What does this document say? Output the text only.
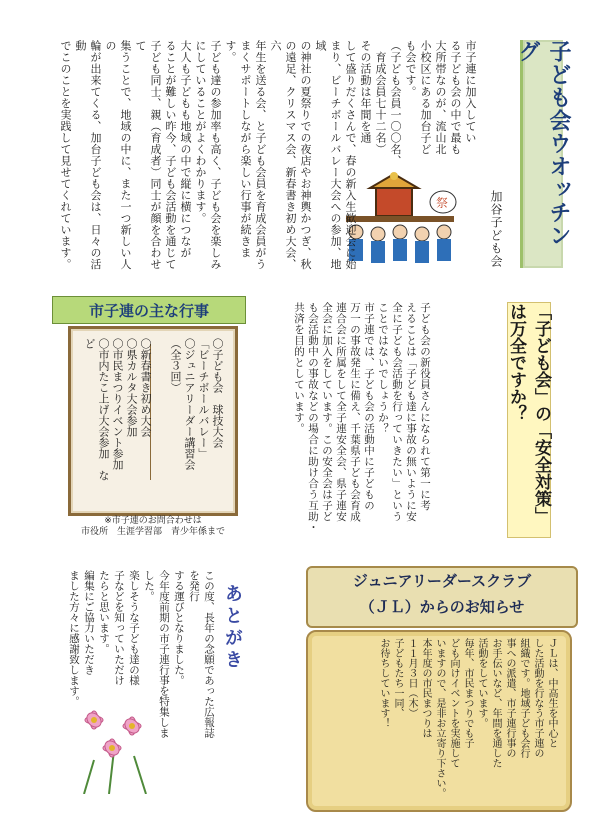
子ども会ウオッチング
加谷子ども会
祭
市子連に加入してい
る子ども会の中で最も
大所帯なのが、流山北
小校区にある加台子ど
も会です。
（子ども会員一〇〇名、
　育成会員七十二名）
その活動は年間を通
して盛りだくさんで、春の新入生歓迎会に始
まり、ビーチボールバレー大会への参加、地域
の神社の夏祭りでの夜店やお神輿かつぎ、秋
の遠足、クリスマス会、新春書き初め大会、六
年生を送る会、と子ども会員を育成会員がう
まくサポートしながら楽しい行事が続きます。
子ども達の参加率も高く、子ども会を楽しみ
にしていることがよくわかります。
大人も子どもも地域の中で縦に横につなが
ることが難しい昨今、子ども会活動を通じて
子ども同士、親（育成者）同士が顔を合わせて
集うことで、地域の中に、また一つ新しい人の
輪が出来てくる、加台子ども会は、日々の活動
でこのことを実践して見せてくれています。
市子連の主な行事
〇子ども会　球技大会
「ビーチボールバレー」
〇ジュニアリーダー講習会
（全３回）
〇新春書き初め大会
〇県カルタ大会参加
〇市民まつりイベント参加
〇市内たこ上げ大会参加　など
※市子連のお問合わせは
市役所　生涯学習部　青少年係まで
「子ども会」の「安全対策」は万全ですか？
子ども会の新役員さんになられて第一に考
えることは「子ども達に事故の無いように安
全に子ども会活動を行っていきたい」という
ことではないでしょうか？
市子連では、子ども会の活動中に子どもの
万一の事故発生に備え、千葉県子ども会育成
連合会に所属をして全子連安全会、県子連安
全会に加入をしています。この安全会は子ど
も会活動中の事故などの場合に助け合う互助・
共済を目的としています。
ジュニアリーダースクラブ
（ＪＬ）からのお知らせ
ＪＬは、中高生を中心と
した活動を行なう市子連の
組織です。地域子ども会行
事への派遣、市子連行事の
お手伝いなど、年間を通した
活動をしています。
毎年、市民まつりでも子
ども向けイベントを実施して
いますので、是非お立寄り下さい。
本年度の市民まつりは
１１月３日（木）
子どもたち一同、
お待ちしています！
あとがき
この度、長年の念願であった広報誌を発行
する運びとなりました。
今年度前期の市子連行事を特集しました。
楽しそうな子ども達の様
子などを知っていただけ
たらと思います。
編集にご協力いただき
ました方々に感謝致します。
